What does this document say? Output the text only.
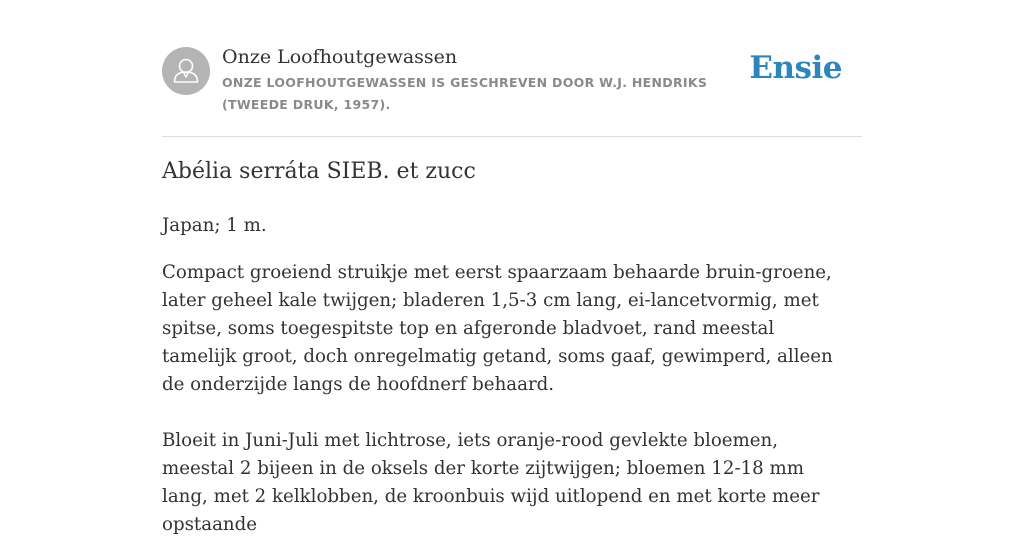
Onze Loofhoutgewassen
ONZE LOOFHOUTGEWASSEN IS GESCHREVEN DOOR W.J. HENDRIKS (TWEEDE DRUK, 1957).
Ensie
Abélia serráta SIEB. et zucc

Japan; 1 m.

Compact groeiend struikje met eerst spaarzaam behaarde bruin-groene, later geheel kale twijgen; bladeren 1,5-3 cm lang, ei-lancetvormig, met spitse, soms toegespitste top en afgeronde bladvoet, rand meestal tamelijk groot, doch onregelmatig getand, soms gaaf, gewimperd, alleen de onderzijde langs de hoofdnerf behaard.

Bloeit in Juni-Juli met lichtrose, iets oranje-rood gevlekte bloemen, meestal 2 bijeen in de oksels der korte zijtwijgen; bloemen 12-18 mm lang, met 2 kelklobben, de kroonbuis wijd uitlopend en met korte meer opstaande
